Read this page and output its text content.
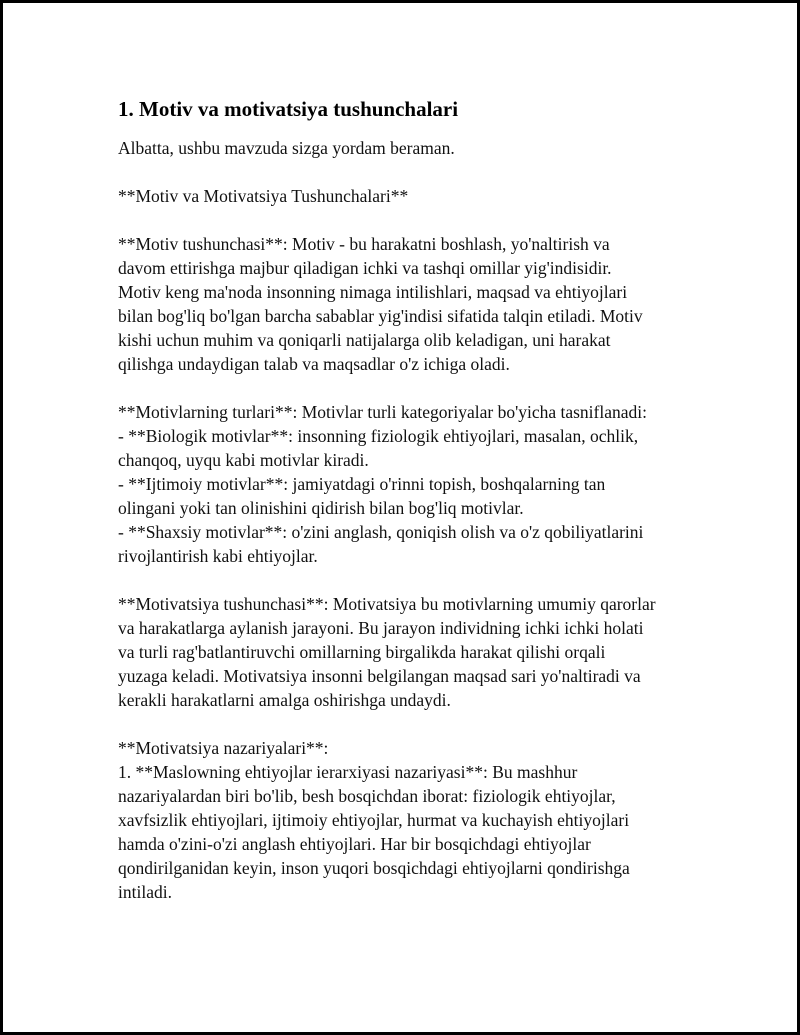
1. Motiv va motivatsiya tushunchalari

Albatta, ushbu mavzuda sizga yordam beraman.

**Motiv va Motivatsiya Tushunchalari**

**Motiv tushunchasi**: Motiv - bu harakatni boshlash, yo'naltirish va
davom ettirishga majbur qiladigan ichki va tashqi omillar yig'indisidir.
Motiv keng ma'noda insonning nimaga intilishlari, maqsad va ehtiyojlari
bilan bog'liq bo'lgan barcha sabablar yig'indisi sifatida talqin etiladi. Motiv
kishi uchun muhim va qoniqarli natijalarga olib keladigan, uni harakat
qilishga undaydigan talab va maqsadlar o'z ichiga oladi.

**Motivlarning turlari**: Motivlar turli kategoriyalar bo'yicha tasniflanadi:
- **Biologik motivlar**: insonning fiziologik ehtiyojlari, masalan, ochlik,
chanqoq, uyqu kabi motivlar kiradi.
- **Ijtimoiy motivlar**: jamiyatdagi o'rinni topish, boshqalarning tan
olingani yoki tan olinishini qidirish bilan bog'liq motivlar.
- **Shaxsiy motivlar**: o'zini anglash, qoniqish olish va o'z qobiliyatlarini
rivojlantirish kabi ehtiyojlar.

**Motivatsiya tushunchasi**: Motivatsiya bu motivlarning umumiy qarorlar
va harakatlarga aylanish jarayoni. Bu jarayon individning ichki ichki holati
va turli rag'batlantiruvchi omillarning birgalikda harakat qilishi orqali
yuzaga keladi. Motivatsiya insonni belgilangan maqsad sari yo'naltiradi va
kerakli harakatlarni amalga oshirishga undaydi.

**Motivatsiya nazariyalari**:
1. **Maslowning ehtiyojlar ierarxiyasi nazariyasi**: Bu mashhur
nazariyalardan biri bo'lib, besh bosqichdan iborat: fiziologik ehtiyojlar,
xavfsizlik ehtiyojlari, ijtimoiy ehtiyojlar, hurmat va kuchayish ehtiyojlari
hamda o'zini-o'zi anglash ehtiyojlari. Har bir bosqichdagi ehtiyojlar
qondirilganidan keyin, inson yuqori bosqichdagi ehtiyojlarni qondirishga
intiladi.
